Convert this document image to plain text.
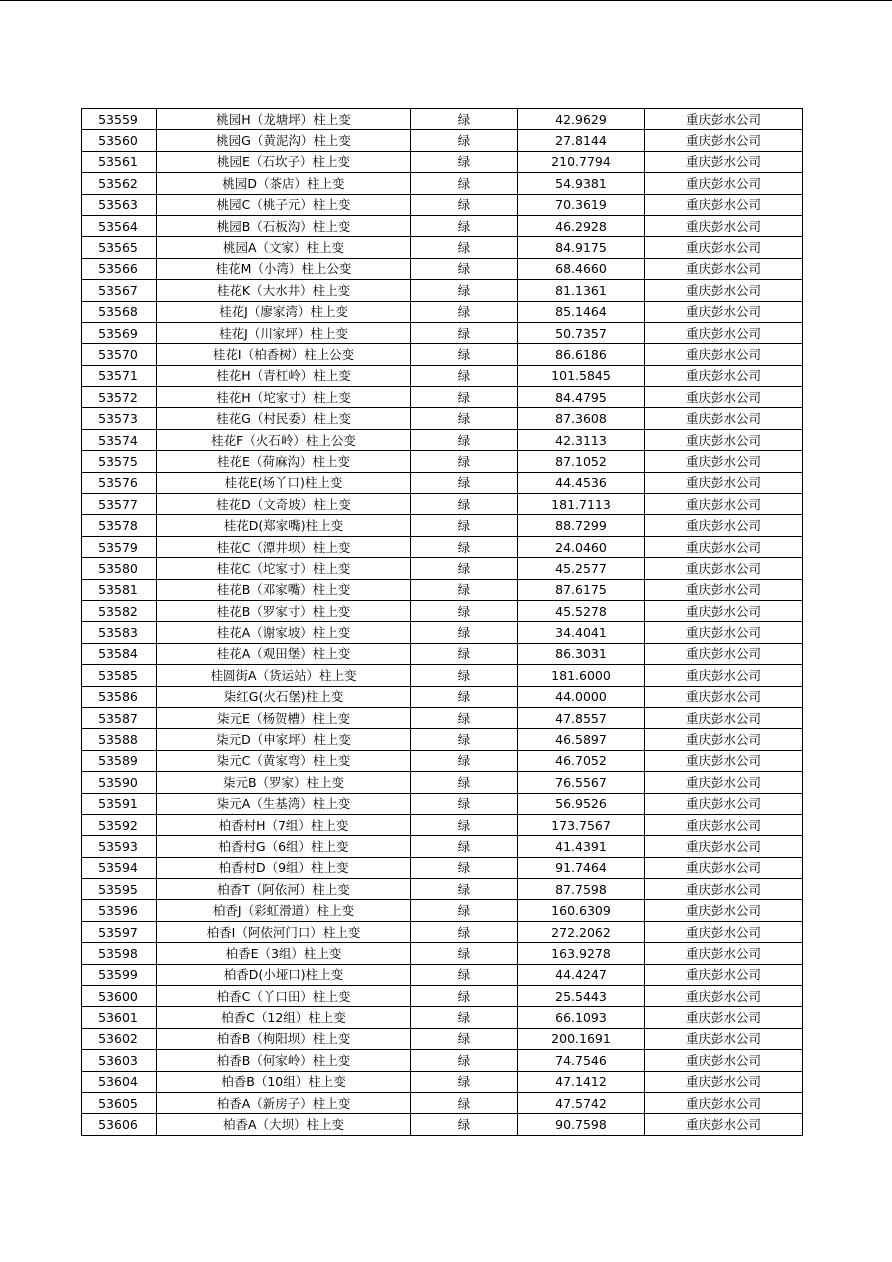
53559	桃园H（龙塘坪）柱上变	绿	42.9629	重庆彭水公司
53560	桃园G（黄泥沟）柱上变	绿	27.8144	重庆彭水公司
53561	桃园E（石坎子）柱上变	绿	210.7794	重庆彭水公司
53562	桃园D（茶店）柱上变	绿	54.9381	重庆彭水公司
53563	桃园C（桃子元）柱上变	绿	70.3619	重庆彭水公司
53564	桃园B（石板沟）柱上变	绿	46.2928	重庆彭水公司
53565	桃园A（文家）柱上变	绿	84.9175	重庆彭水公司
53566	桂花M（小湾）柱上公变	绿	68.4660	重庆彭水公司
53567	桂花K（大水井）柱上变	绿	81.1361	重庆彭水公司
53568	桂花J（廖家湾）柱上变	绿	85.1464	重庆彭水公司
53569	桂花J（川家坪）柱上变	绿	50.7357	重庆彭水公司
53570	桂花I（柏香树）柱上公变	绿	86.6186	重庆彭水公司
53571	桂花H（青杠岭）柱上变	绿	101.5845	重庆彭水公司
53572	桂花H（坨家寸）柱上变	绿	84.4795	重庆彭水公司
53573	桂花G（村民委）柱上变	绿	87.3608	重庆彭水公司
53574	桂花F（火石岭）柱上公变	绿	42.3113	重庆彭水公司
53575	桂花E（荷麻沟）柱上变	绿	87.1052	重庆彭水公司
53576	桂花E(场丫口)柱上变	绿	44.4536	重庆彭水公司
53577	桂花D（文奇坡）柱上变	绿	181.7113	重庆彭水公司
53578	桂花D(郑家嘴)柱上变	绿	88.7299	重庆彭水公司
53579	桂花C（潭井坝）柱上变	绿	24.0460	重庆彭水公司
53580	桂花C（坨家寸）柱上变	绿	45.2577	重庆彭水公司
53581	桂花B（邓家嘴）柱上变	绿	87.6175	重庆彭水公司
53582	桂花B（罗家寸）柱上变	绿	45.5278	重庆彭水公司
53583	桂花A（谢家坡）柱上变	绿	34.4041	重庆彭水公司
53584	桂花A（观田堡）柱上变	绿	86.3031	重庆彭水公司
53585	桂圆街A（货运站）柱上变	绿	181.6000	重庆彭水公司
53586	柒红G(火石堡)柱上变	绿	44.0000	重庆彭水公司
53587	柒元E（杨贺槽）柱上变	绿	47.8557	重庆彭水公司
53588	柒元D（申家坪）柱上变	绿	46.5897	重庆彭水公司
53589	柒元C（黄家弯）柱上变	绿	46.7052	重庆彭水公司
53590	柒元B（罗家）柱上变	绿	76.5567	重庆彭水公司
53591	柒元A（生基湾）柱上变	绿	56.9526	重庆彭水公司
53592	柏香村H（7组）柱上变	绿	173.7567	重庆彭水公司
53593	柏香村G（6组）柱上变	绿	41.4391	重庆彭水公司
53594	柏香村D（9组）柱上变	绿	91.7464	重庆彭水公司
53595	柏香T（阿依河）柱上变	绿	87.7598	重庆彭水公司
53596	柏香J（彩虹滑道）柱上变	绿	160.6309	重庆彭水公司
53597	柏香I（阿依河门口）柱上变	绿	272.2062	重庆彭水公司
53598	柏香E（3组）柱上变	绿	163.9278	重庆彭水公司
53599	柏香D(小垭口)柱上变	绿	44.4247	重庆彭水公司
53600	柏香C（丫口田）柱上变	绿	25.5443	重庆彭水公司
53601	柏香C（12组）柱上变	绿	66.1093	重庆彭水公司
53602	柏香B（枸阳坝）柱上变	绿	200.1691	重庆彭水公司
53603	柏香B（何家岭）柱上变	绿	74.7546	重庆彭水公司
53604	柏香B（10组）柱上变	绿	47.1412	重庆彭水公司
53605	柏香A（新房子）柱上变	绿	47.5742	重庆彭水公司
53606	柏香A（大坝）柱上变	绿	90.7598	重庆彭水公司
